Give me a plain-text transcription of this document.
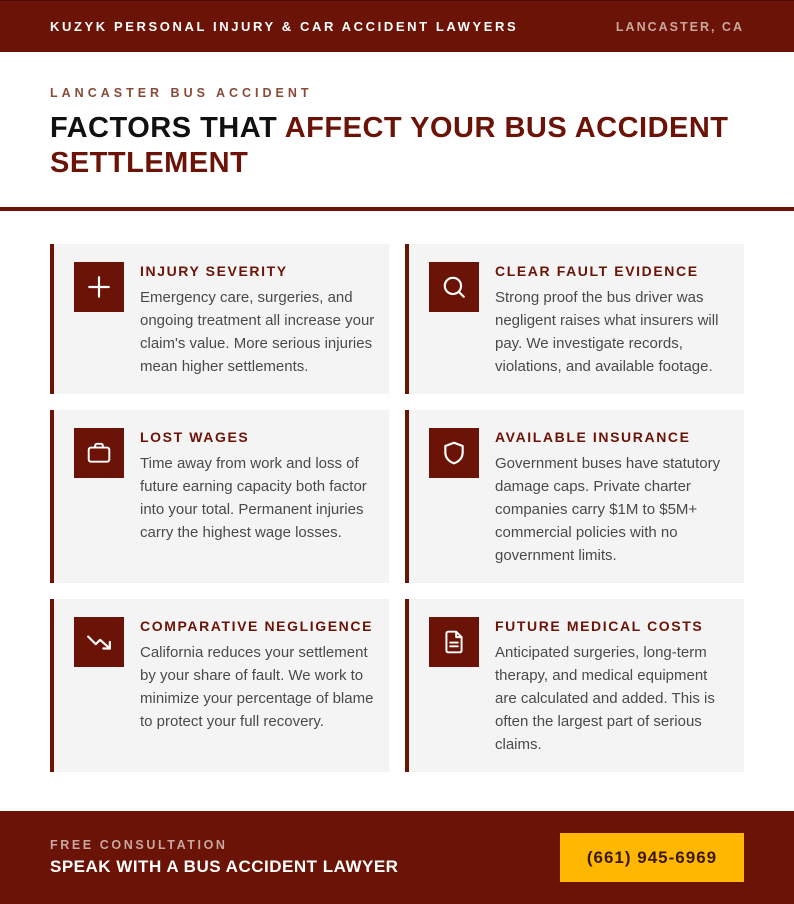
KUZYK PERSONAL INJURY & CAR ACCIDENT LAWYERS	LANCASTER, CA
LANCASTER BUS ACCIDENT
FACTORS THAT AFFECT YOUR BUS ACCIDENT SETTLEMENT
INJURY SEVERITY
Emergency care, surgeries, and ongoing treatment all increase your claim's value. More serious injuries mean higher settlements.
CLEAR FAULT EVIDENCE
Strong proof the bus driver was negligent raises what insurers will pay. We investigate records, violations, and available footage.
LOST WAGES
Time away from work and loss of future earning capacity both factor into your total. Permanent injuries carry the highest wage losses.
AVAILABLE INSURANCE
Government buses have statutory damage caps. Private charter companies carry $1M to $5M+ commercial policies with no government limits.
COMPARATIVE NEGLIGENCE
California reduces your settlement by your share of fault. We work to minimize your percentage of blame to protect your full recovery.
FUTURE MEDICAL COSTS
Anticipated surgeries, long-term therapy, and medical equipment are calculated and added. This is often the largest part of serious claims.
FREE CONSULTATION
SPEAK WITH A BUS ACCIDENT LAWYER	(661) 945-6969
